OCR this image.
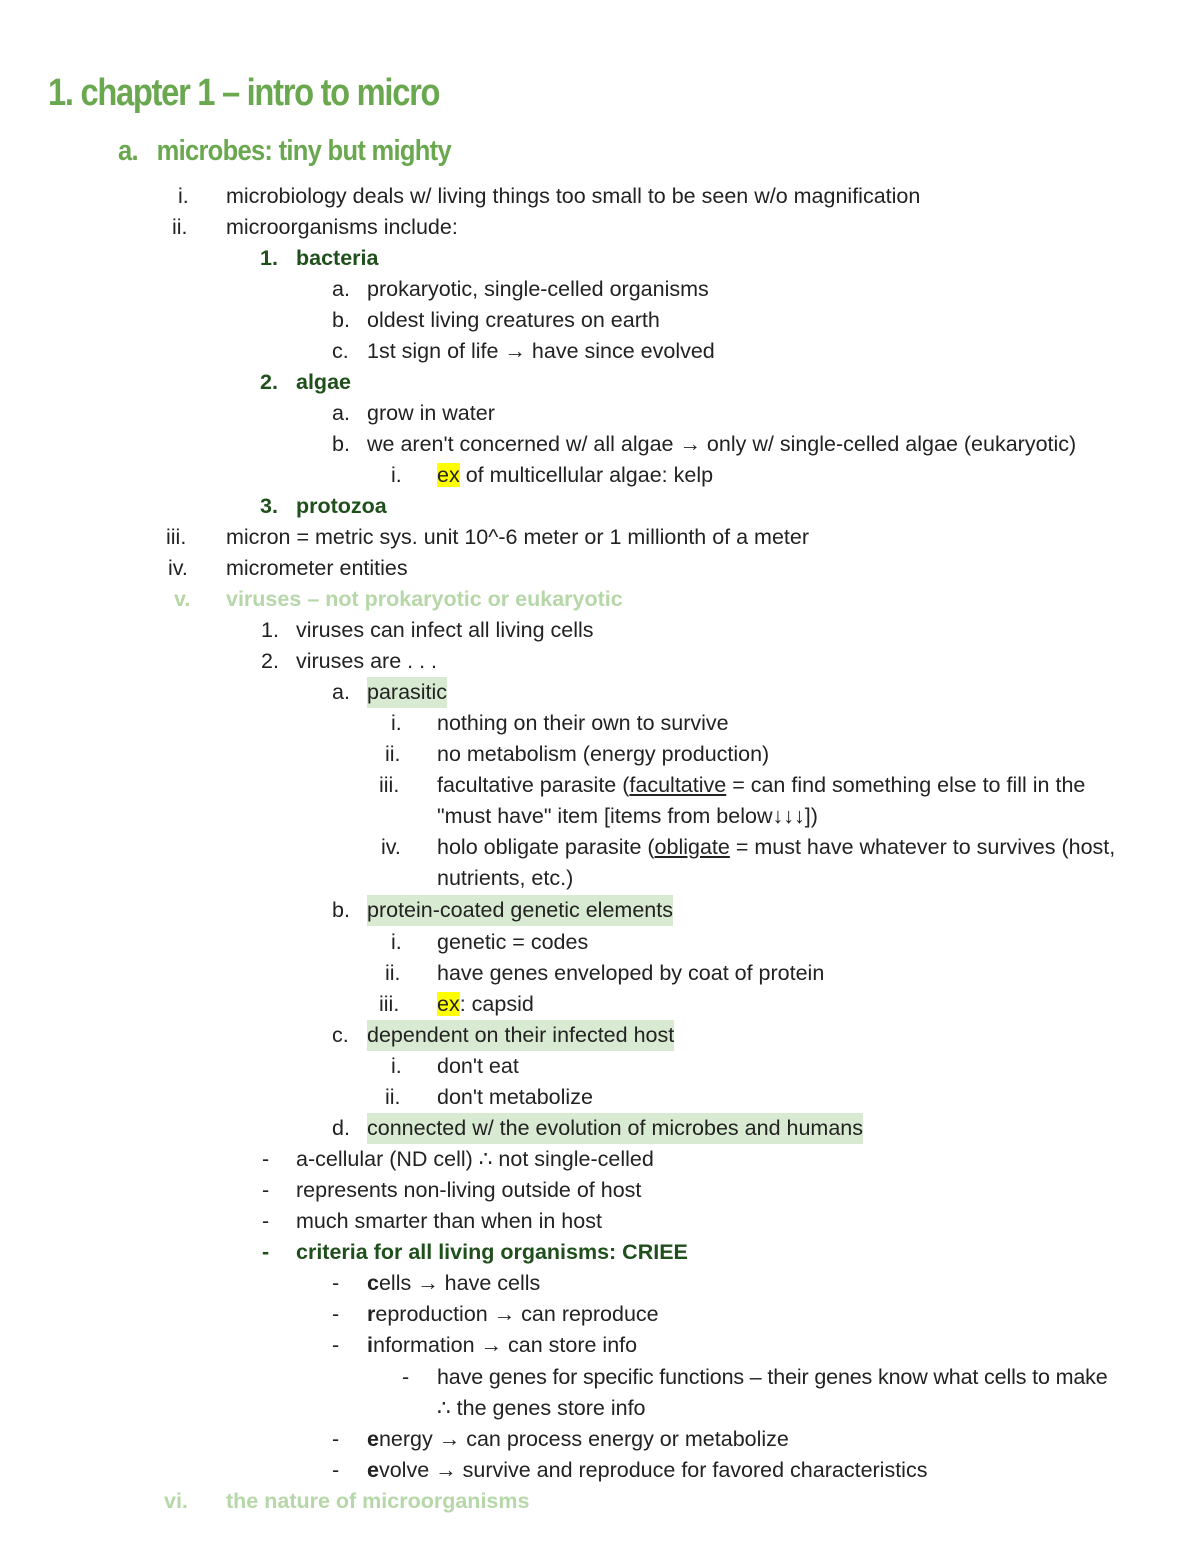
1. chapter 1 – intro to micro
a. microbes: tiny but mighty
i. microbiology deals w/ living things too small to be seen w/o magnification
ii. microorganisms include:
1. bacteria
a. prokaryotic, single-celled organisms
b. oldest living creatures on earth
c. 1st sign of life → have since evolved
2. algae
a. grow in water
b. we aren't concerned w/ all algae → only w/ single-celled algae (eukaryotic)
i. ex of multicellular algae: kelp
3. protozoa
iii. micron = metric sys. unit 10^-6 meter or 1 millionth of a meter
iv. micrometer entities
v. viruses – not prokaryotic or eukaryotic
1. viruses can infect all living cells
2. viruses are . . .
a. parasitic
i. nothing on their own to survive
ii. no metabolism (energy production)
iii. facultative parasite (facultative = can find something else to fill in the
"must have" item [items from below↓↓↓])
iv. holo obligate parasite (obligate = must have whatever to survives (host,
nutrients, etc.)
b. protein-coated genetic elements
i. genetic = codes
ii. have genes enveloped by coat of protein
iii. ex: capsid
c. dependent on their infected host
i. don't eat
ii. don't metabolize
d. connected w/ the evolution of microbes and humans
- a-cellular (ND cell) ∴ not single-celled
- represents non-living outside of host
- much smarter than when in host
- criteria for all living organisms: CRIEE
- cells → have cells
- reproduction → can reproduce
- information → can store info
- have genes for specific functions – their genes know what cells to make
∴ the genes store info
- energy → can process energy or metabolize
- evolve → survive and reproduce for favored characteristics
vi. the nature of microorganisms
